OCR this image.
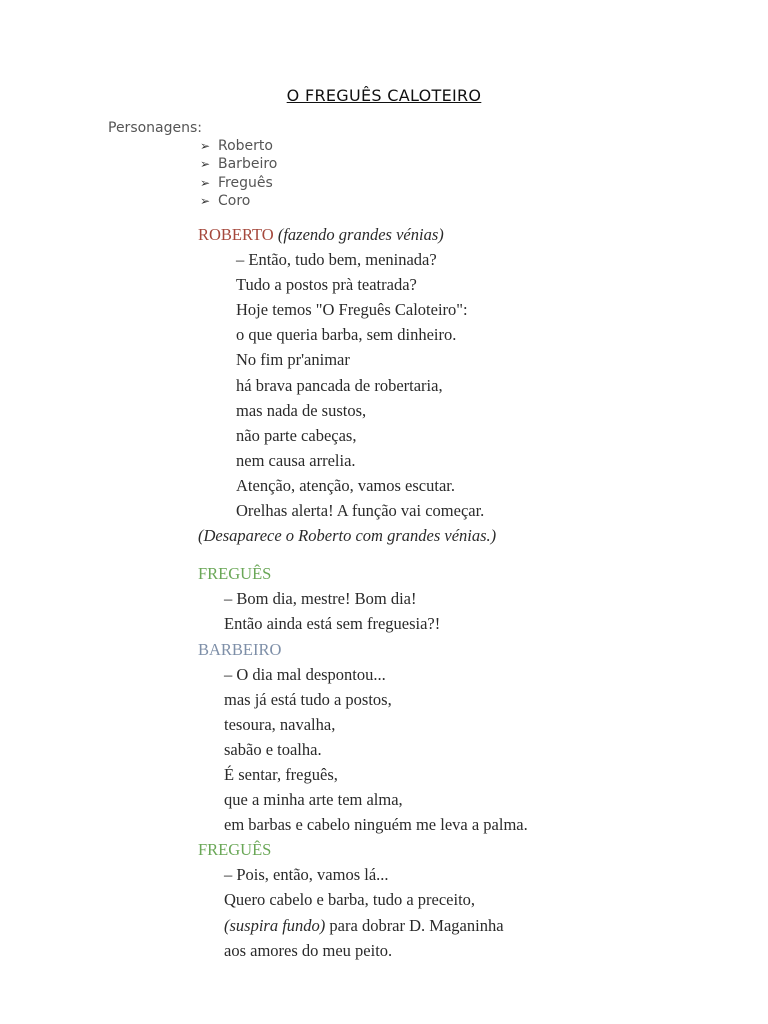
O FREGUÊS CALOTEIRO
Personagens:
➢ Roberto
➢ Barbeiro
➢ Freguês
➢ Coro
ROBERTO (fazendo grandes vénias)
– Então, tudo bem, meninada?
Tudo a postos prà teatrada?
Hoje temos "O Freguês Caloteiro":
o que queria barba, sem dinheiro.
No fim pr'animar
há brava pancada de robertaria,
mas nada de sustos,
não parte cabeças,
nem causa arrelia.
Atenção, atenção, vamos escutar.
Orelhas alerta! A função vai começar.
(Desaparece o Roberto com grandes vénias.)
FREGUÊS
– Bom dia, mestre! Bom dia!
Então ainda está sem freguesia?!
BARBEIRO
– O dia mal despontou...
mas já está tudo a postos,
tesoura, navalha,
sabão e toalha.
É sentar, freguês,
que a minha arte tem alma,
em barbas e cabelo ninguém me leva a palma.
FREGUÊS
– Pois, então, vamos lá...
Quero cabelo e barba, tudo a preceito,
(suspira fundo) para dobrar D. Maganinha
aos amores do meu peito.
